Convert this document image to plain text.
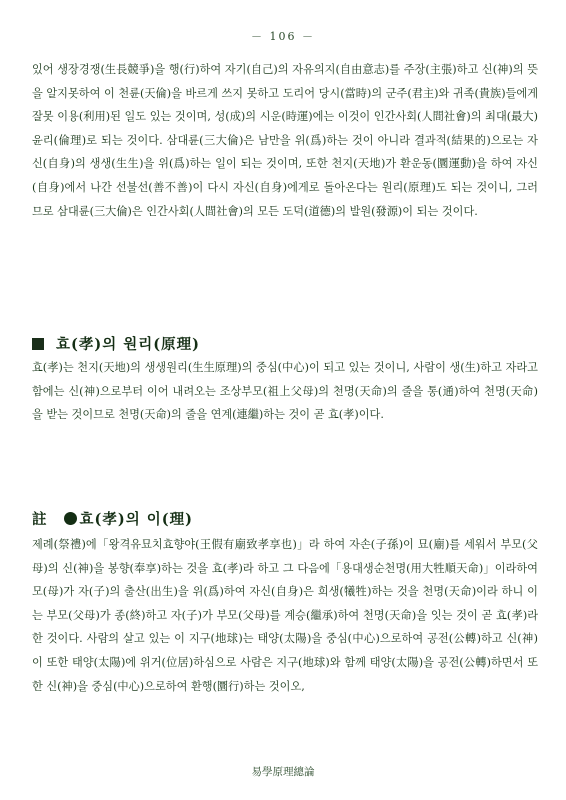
－ 106 －

있어 생장경쟁(生長競爭)을 행(行)하여 자기(自己)의 자유의지(自由意志)를 주장(主張)하고 신(神)의 뜻을 알지못하여 이 천륜(天倫)을 바르게 쓰지 못하고 도리어 당시(當時)의 군주(君主)와 귀족(貴族)들에게 잘못 이용(利用)된 일도 있는 것이며, 성(成)의 시운(時運)에는 이것이 인간사회(人間社會)의 최대(最大) 윤리(倫理)로 되는 것이다. 삼대륜(三大倫)은 남만을 위(爲)하는 것이 아니라 결과적(結果的)으로는 자신(自身)의 생생(生生)을 위(爲)하는 일이 되는 것이며, 또한 천지(天地)가 환운동(圜運動)을 하여 자신(自身)에서 나간 선불선(善不善)이 다시 자신(自身)에게로 돌아온다는 원리(原理)도 되는 것이니, 그러므로 삼대륜(三大倫)은 인간사회(人間社會)의 모든 도덕(道德)의 발원(發源)이 되는 것이다.

효(孝)의 원리(原理)

효(孝)는 천지(天地)의 생생원리(生生原理)의 중심(中心)이 되고 있는 것이니, 사람이 생(生)하고 자라고 함에는 신(神)으로부터 이어 내려오는 조상부모(祖上父母)의 천명(天命)의 줄을 통(通)하여 천명(天命)을 받는 것이므로 천명(天命)의 줄을 연계(連繼)하는 것이 곧 효(孝)이다.

註 효(孝)의 이(理)

제례(祭禮)에「왕격유묘치효향야(王假有廟致孝享也)」라 하여 자손(子孫)이 묘(廟)를 세워서 부모(父母)의 신(神)을 봉향(奉享)하는 것을 효(孝)라 하고 그 다음에「용대생순천명(用大牲順天命)」이라하여 모(母)가 자(子)의 출산(出生)을 위(爲)하여 자신(自身)은 희생(犧牲)하는 것을 천명(天命)이라 하니 이는 부모(父母)가 종(終)하고 자(子)가 부모(父母)를 계승(繼承)하여 천명(天命)을 잇는 것이 곧 효(孝)라 한 것이다. 사람의 살고 있는 이 지구(地球)는 태양(太陽)을 중심(中心)으로하여 공전(公轉)하고 신(神)이 또한 태양(太陽)에 위거(位居)하심으로 사람은 지구(地球)와 함께 태양(太陽)을 공전(公轉)하면서 또한 신(神)을 중심(中心)으로하여 환행(圜行)하는 것이오,

易學原理總論
